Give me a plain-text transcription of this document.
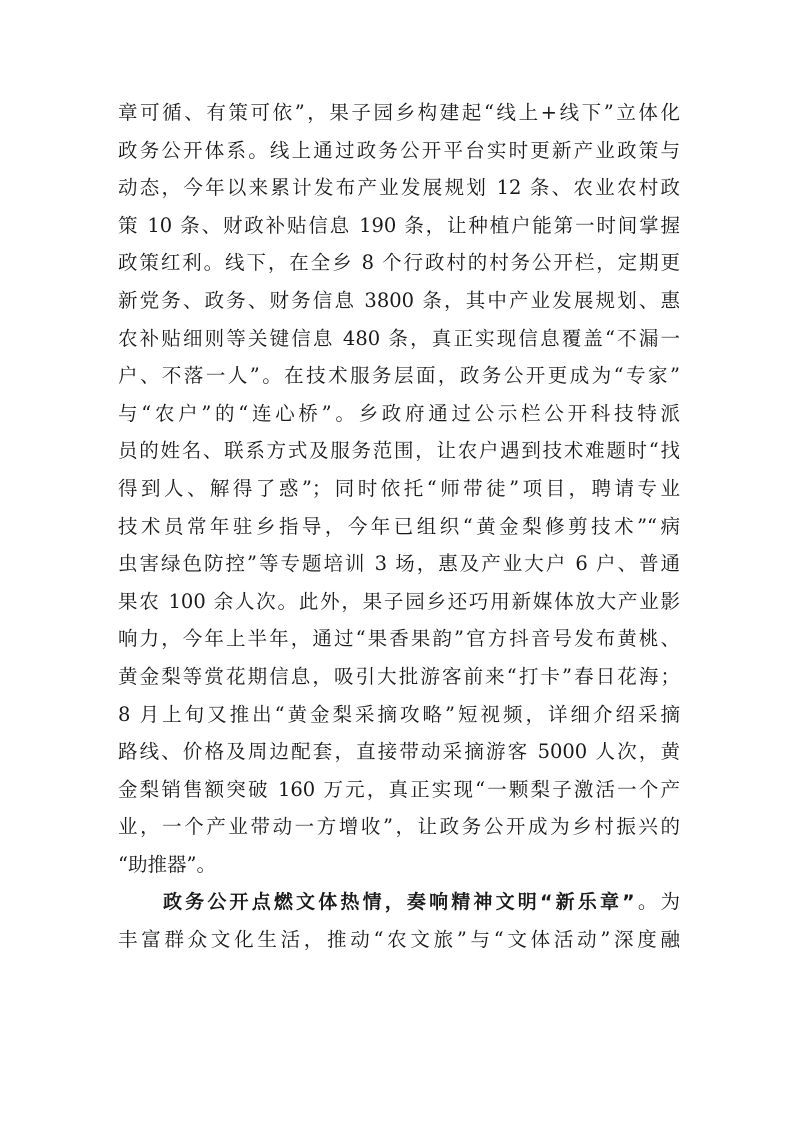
章可循、有策可依”，果子园乡构建起“线上+线下”立体化
政务公开体系。线上通过政务公开平台实时更新产业政策与
动态，今年以来累计发布产业发展规划 12 条、农业农村政
策 10 条、财政补贴信息 190 条，让种植户能第一时间掌握
政策红利。线下，在全乡 8 个行政村的村务公开栏，定期更
新党务、政务、财务信息 3800 条，其中产业发展规划、惠
农补贴细则等关键信息 480 条，真正实现信息覆盖“不漏一
户、不落一人”。在技术服务层面，政务公开更成为“专家”
与“农户”的“连心桥”。乡政府通过公示栏公开科技特派
员的姓名、联系方式及服务范围，让农户遇到技术难题时“找
得到人、解得了惑”；同时依托“师带徒”项目，聘请专业
技术员常年驻乡指导，今年已组织“黄金梨修剪技术”“病
虫害绿色防控”等专题培训 3 场，惠及产业大户 6 户、普通
果农 100 余人次。此外，果子园乡还巧用新媒体放大产业影
响力，今年上半年，通过“果香果韵”官方抖音号发布黄桃、
黄金梨等赏花期信息，吸引大批游客前来“打卡”春日花海；
8 月上旬又推出“黄金梨采摘攻略”短视频，详细介绍采摘
路线、价格及周边配套，直接带动采摘游客 5000 人次，黄
金梨销售额突破 160 万元，真正实现“一颗梨子激活一个产
业，一个产业带动一方增收”，让政务公开成为乡村振兴的
“助推器”。
政务公开点燃文体热情，奏响精神文明“新乐章”。为
丰富群众文化生活，推动“农文旅”与“文体活动”深度融
